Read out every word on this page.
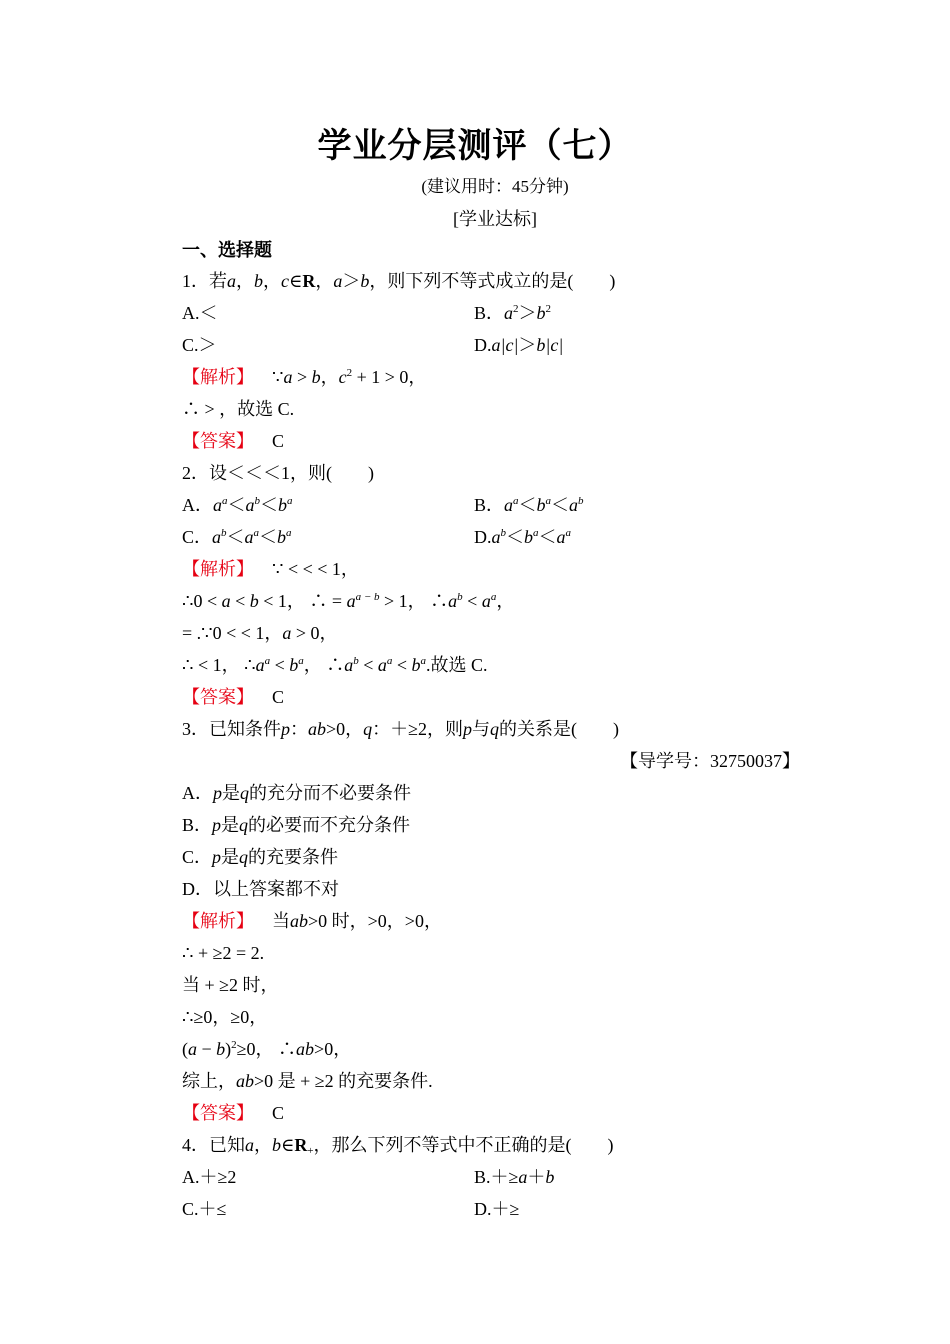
学业分层测评（七）
(建议用时：45分钟)
[学业达标]
一、选择题
1．若a，b，c∈R，a＞b，则下列不等式成立的是(　　)
A.＜	B．$a^2>b^2$
C.＞	D.a|c|＞b|c|
【解析】 ∵a > b，$c^2 + 1 > 0$，
∴ > ，故选 C.
【答案】 C
2．设＜＜＜1，则(　　)
A．$a^a<a^b<b^a$	B．$a^a<b^a<a^b$
C．$a^b<a^a<b^a$	$D.a^b<b^a<a^a$
【解析】 ∵ < < < 1，
∴0 < a < b < 1， ∴ = $a^{a - b} > 1$， $\therefore a^b < a^a$，
= .∵0 < < 1，a > 0，
∴ < 1， $\therefore a^a < b^a$， $\therefore a^b < a^a < b^a$.故选 C.
【答案】 C
3．已知条件p：ab>0，q：＋≥2，则p与q的关系是(　　)
【导学号：32750037】
A．p是q的充分而不必要条件
B．p是q的必要而不充分条件
C．p是q的充要条件
D．以上答案都不对
【解析】 当ab>0 时，>0，>0，
∴ + ≥2 = 2.
当 + ≥2 时，
∴≥0，≥0，
$(a - b)^2\ge 0$， ∴ab>0，
综上，ab>0 是 + ≥2 的充要条件.
【答案】 C
4．已知a，$b\in R_+$，那么下列不等式中不正确的是(　　)
A.＋≥2	B.＋≥a＋b
C.＋≤	D.＋≥
